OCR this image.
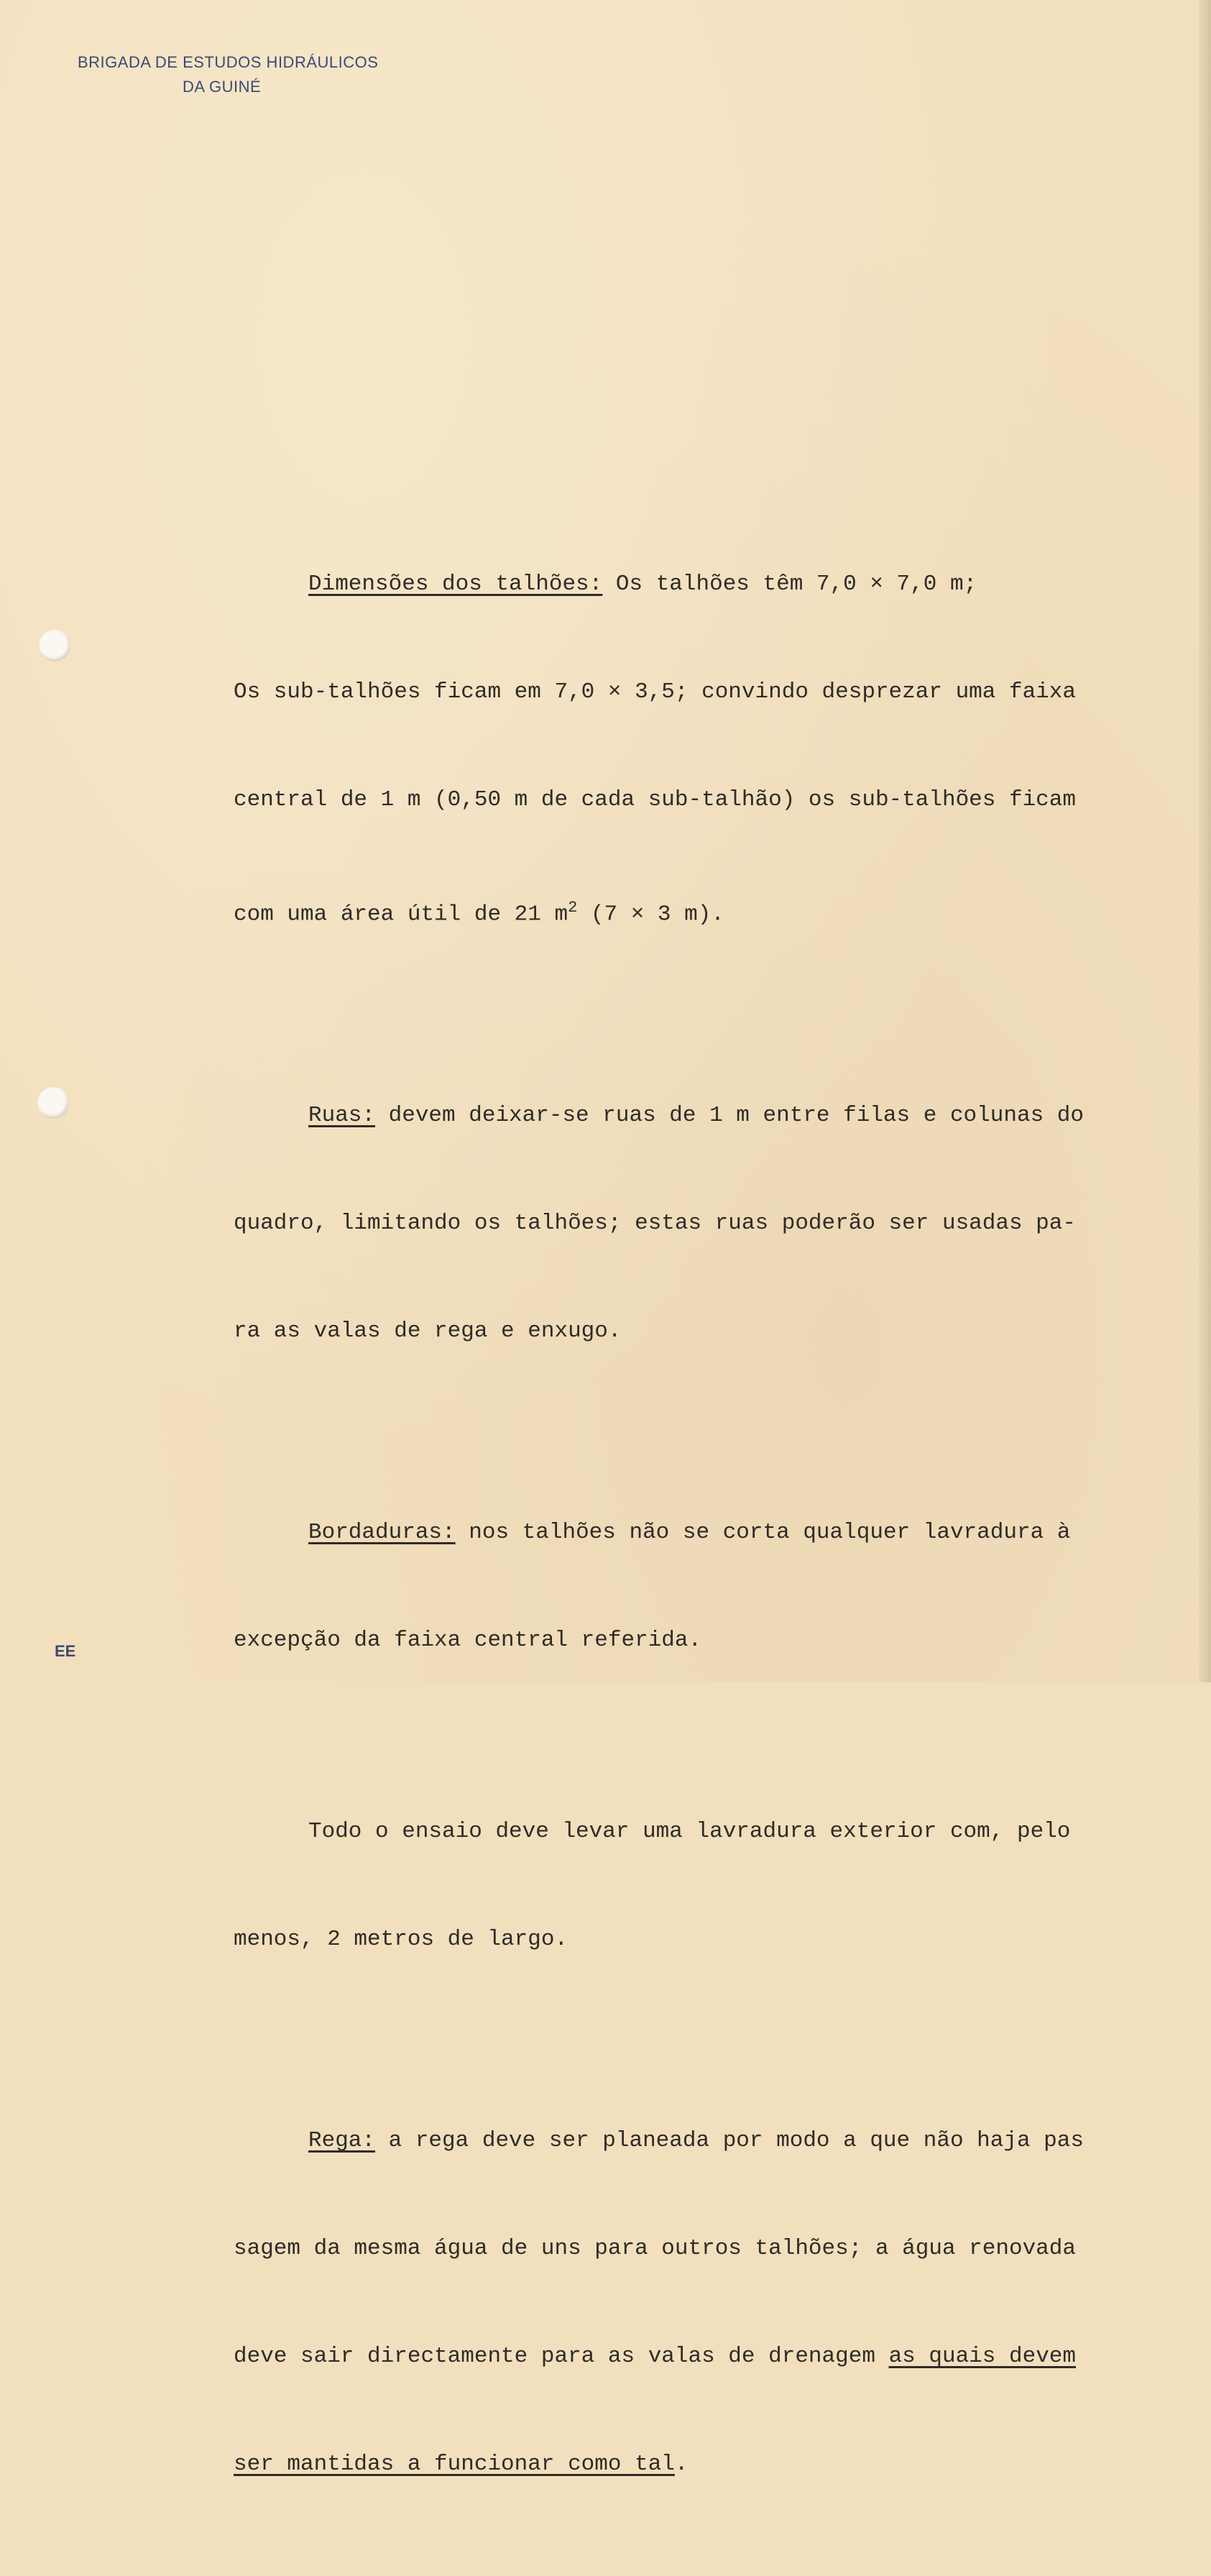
BRIGADA DE ESTUDOS HIDRÁULICOS
DA GUINÉ

Dimensões dos talhões: Os talhões têm 7,0 × 7,0 m;

Os sub-talhões ficam em 7,0 × 3,5; convindo desprezar uma faixa

central de 1 m (0,50 m de cada sub-talhão) os sub-talhões ficam

com uma área útil de 21 $m^2$ (7 × 3 m).

Ruas: devem deixar-se ruas de 1 m entre filas e colunas do

quadro, limitando os talhões; estas ruas poderão ser usadas pa-

ra as valas de rega e enxugo.

Bordaduras: nos talhões não se corta qualquer lavradura à

excepção da faixa central referida.

Todo o ensaio deve levar uma lavradura exterior com, pelo

menos, 2 metros de largo.

Rega: a rega deve ser planeada por modo a que não haja pas

sagem da mesma água de uns para outros talhões; a água renovada

deve sair directamente para as valas de drenagem as quais devem

ser mantidas a funcionar como tal.

EE
